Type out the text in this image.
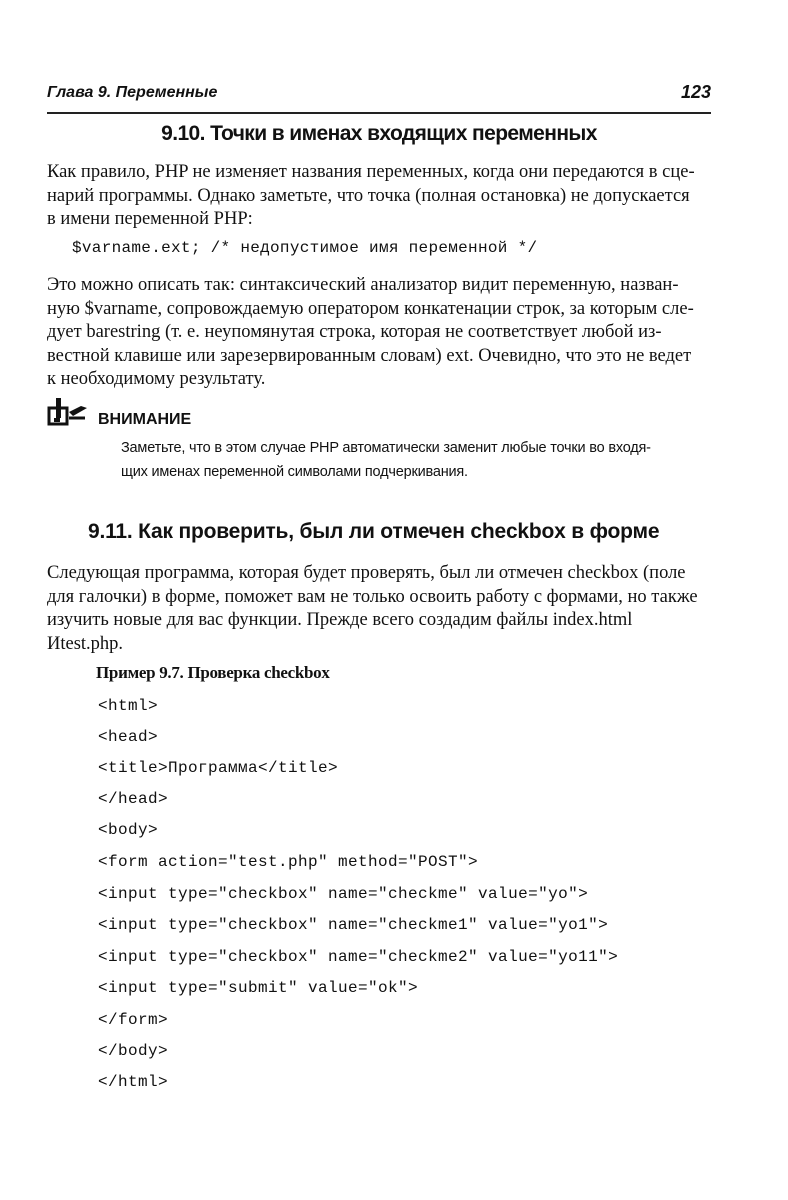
Глава 9. Переменные	123
9.10. Точки в именах входящих переменных

Как правило, PHP не изменяет названия переменных, когда они передаются в сце-

нарий программы. Однако заметьте, что точка (полная остановка) не допускается

в имени переменной PHP:

$varname.ext; /* недопустимое имя переменной */

Это можно описать так: синтаксический анализатор видит переменную, назван-

ную $varname, сопровождаемую оператором конкатенации строк, за которым сле-

дует barestring (т. е. неупомянутая строка, которая не соответствует любой из-

вестной клавише или зарезервированным словам) ext. Очевидно, что это не ведет

к необходимому результату.

ВНИМАНИЕ
Заметьте, что в этом случае PHP автоматически заменит любые точки во входя-
щих именах переменной символами подчеркивания.
9.11. Как проверить, был ли отмечен checkbox в форме

Следующая программа, которая будет проверять, был ли отмечен checkbox (поле

для галочки) в форме, поможет вам не только освоить работу с формами, но также

изучить новые для вас функции. Прежде всего создадим файлы index.html

Иtest.php.

Пример 9.7. Проверка checkbox
<html>
<head>
<title>Программа</title>
</head>
<body>
<form action="test.php" method="POST">
<input type="checkbox" name="checkme" value="yo">
<input type="checkbox" name="checkme1" value="yo1">
<input type="checkbox" name="checkme2" value="yo11">
<input type="submit" value="ok">
</form>
</body>
</html>
